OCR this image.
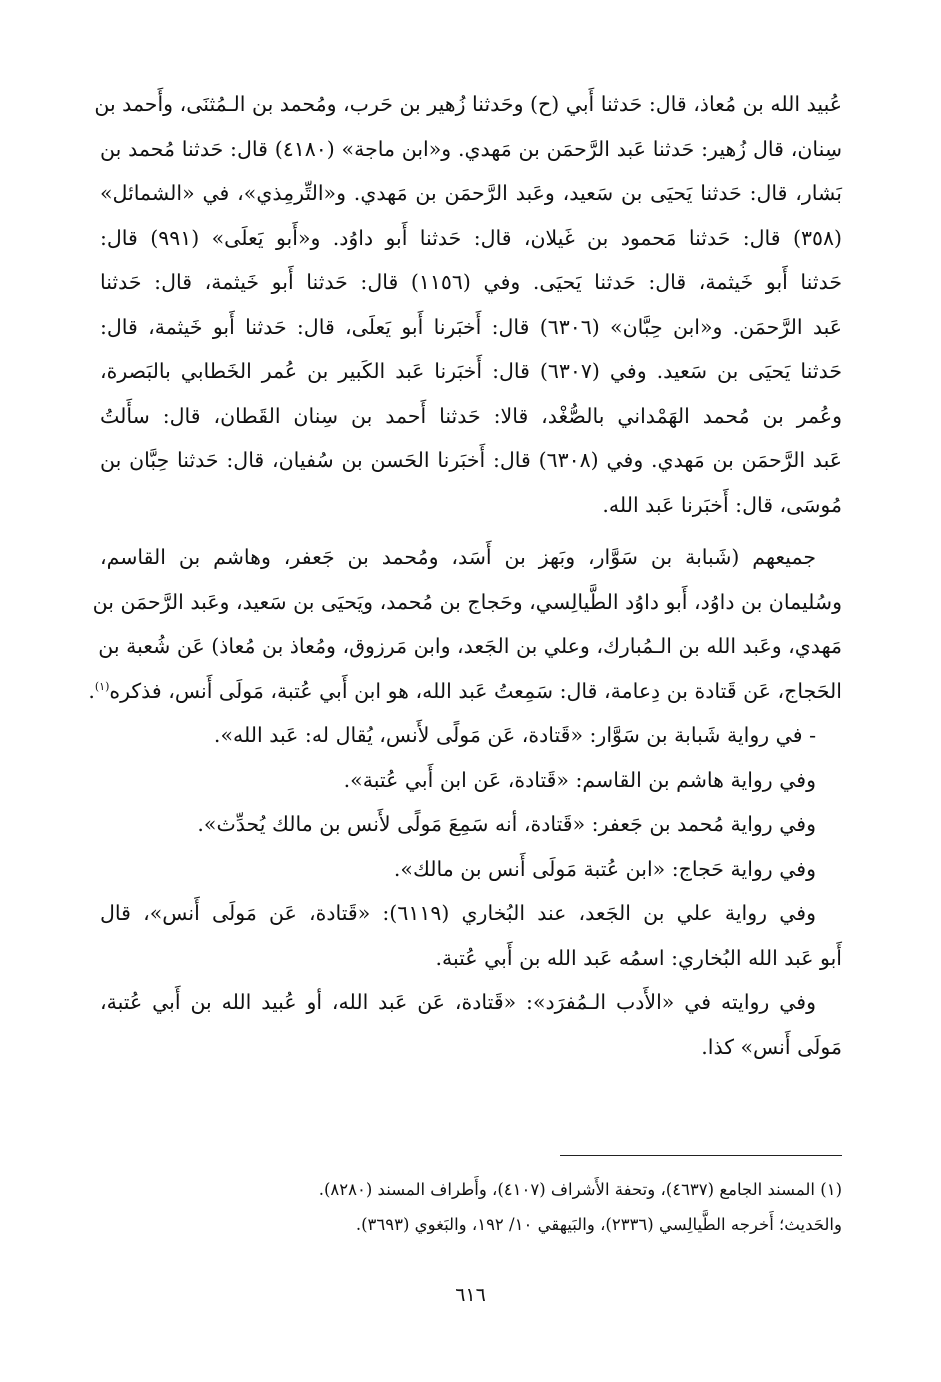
عُبيد الله بن مُعاذ، قال: حَدثنا أَبي (ح) وحَدثنا زُهير بن حَرب، ومُحمد بن الـمُثنَى، وأَحمد بن
سِنان، قال زُهير: حَدثنا عَبد الرَّحمَن بن مَهدي. و«ابن ماجة» (٤١٨٠) قال: حَدثنا مُحمد بن
بَشار، قال: حَدثنا يَحيَى بن سَعيد، وعَبد الرَّحمَن بن مَهدي. و«التِّرمِذي»، في «الشمائل»
(٣٥٨) قال: حَدثنا مَحمود بن غَيلان، قال: حَدثنا أَبو داوُد. و«أَبو يَعلَى» (٩٩١) قال:
حَدثنا أَبو خَيثمة، قال: حَدثنا يَحيَى. وفي (١١٥٦) قال: حَدثنا أَبو خَيثمة، قال: حَدثنا
عَبد الرَّحمَن. و«ابن حِبَّان» (٦٣٠٦) قال: أَخبَرنا أَبو يَعلَى، قال: حَدثنا أَبو خَيثمة، قال:
حَدثنا يَحيَى بن سَعيد. وفي (٦٣٠٧) قال: أَخبَرنا عَبد الكَبير بن عُمر الخَطابي بالبَصرة،
وعُمر بن مُحمد الهَمْداني بالصُّغْد، قالا: حَدثنا أَحمد بن سِنان القَطان، قال: سأَلتُ
عَبد الرَّحمَن بن مَهدي. وفي (٦٣٠٨) قال: أَخبَرنا الحَسن بن سُفيان، قال: حَدثنا حِبَّان بن
مُوسَى، قال: أَخبَرنا عَبد الله.
جميعهم (شَبابة بن سَوَّار، وبَهز بن أَسَد، ومُحمد بن جَعفر، وهاشم بن القاسم،
وسُليمان بن داوُد، أَبو داوُد الطَّيالِسي، وحَجاج بن مُحمد، ويَحيَى بن سَعيد، وعَبد الرَّحمَن بن
مَهدي، وعَبد الله بن الـمُبارك، وعلي بن الجَعد، وابن مَرزوق، ومُعاذ بن مُعاذ) عَن شُعبة بن
الحَجاج، عَن قَتادة بن دِعامة، قال: سَمِعتُ عَبد الله، هو ابن أَبي عُتبة، مَولَى أَنس، فذكره$^{(١)}$.
- في رواية شَبابة بن سَوَّار: «قَتادة، عَن مَولًى لأَنس، يُقال له: عَبد الله».
وفي رواية هاشم بن القاسم: «قَتادة، عَن ابن أَبي عُتبة».
وفي رواية مُحمد بن جَعفر: «قَتادة، أنه سَمِعَ مَولًى لأَنس بن مالك يُحدِّث».
وفي رواية حَجاج: «ابن عُتبة مَولَى أَنس بن مالك».
وفي رواية علي بن الجَعد، عند البُخاري (٦١١٩): «قَتادة، عَن مَولَى أَنس»، قال
أَبو عَبد الله البُخاري: اسمُه عَبد الله بن أَبي عُتبة.
وفي روايته في «الأَدب الـمُفرَد»: «قَتادة، عَن عَبد الله، أو عُبيد الله بن أَبي عُتبة،
مَولَى أَنس» كذا.
(١) المسند الجامع (٤٦٣٧)، وتحفة الأَشراف (٤١٠٧)، وأَطراف المسند (٨٢٨٠).
والحَديث؛ أَخرجه الطَّيالِسي (٢٣٣٦)، والبَيهقي ١٠/ ١٩٢، والبَغوي (٣٦٩٣).
٦١٦
